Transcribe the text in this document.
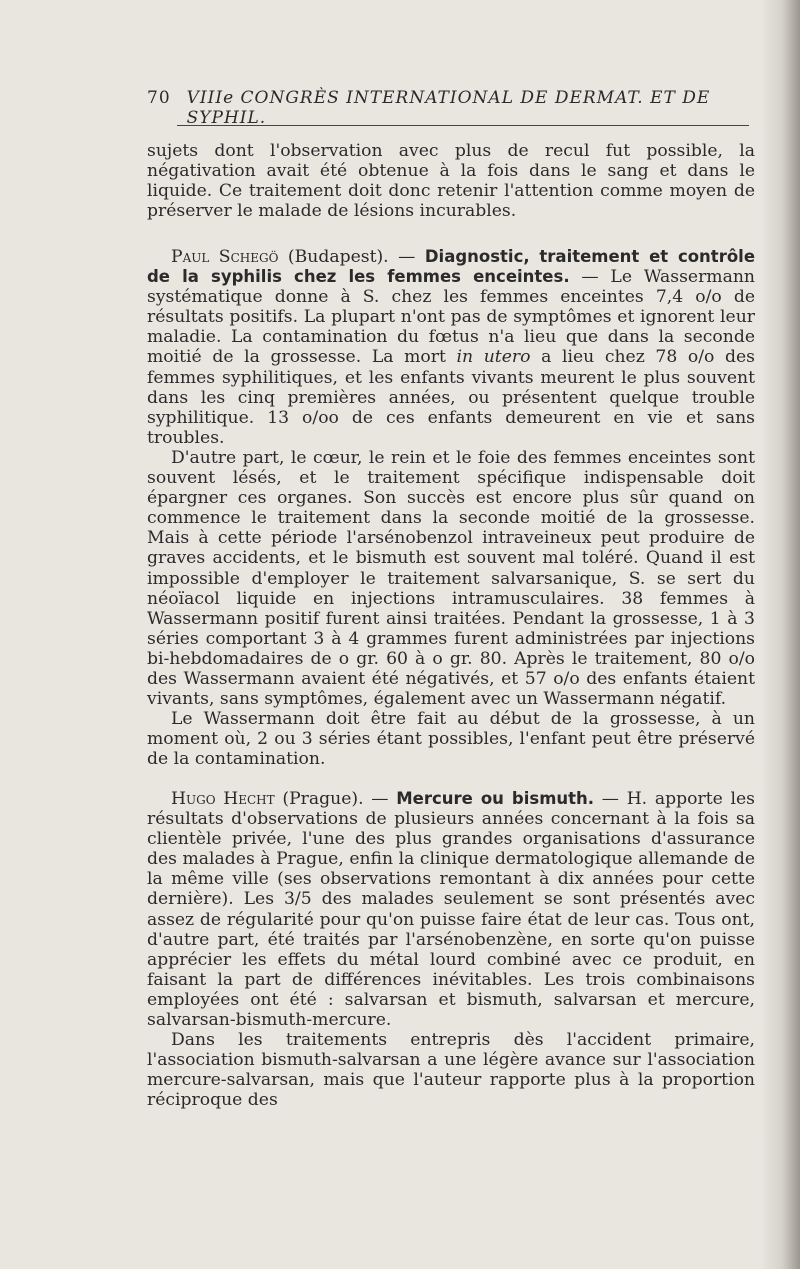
70 VIIIe CONGRÈS INTERNATIONAL DE DERMAT. ET DE SYPHIL.

sujets dont l'observation avec plus de recul fut possible, la négativation avait été obtenue à la fois dans le sang et dans le liquide. Ce traitement doit donc retenir l'attention comme moyen de préserver le malade de lésions incurables.

Paul Schegö (Budapest). — Diagnostic, traitement et contrôle de la syphilis chez les femmes enceintes. — Le Wassermann systématique donne à S. chez les femmes enceintes 7,4 o/o de résultats positifs. La plupart n'ont pas de symptômes et ignorent leur maladie. La contamination du fœtus n'a lieu que dans la seconde moitié de la grossesse. La mort in utero a lieu chez 78 o/o des femmes syphilitiques, et les enfants vivants meurent le plus souvent dans les cinq premières années, ou présentent quelque trouble syphilitique. 13 o/oo de ces enfants demeurent en vie et sans troubles.

D'autre part, le cœur, le rein et le foie des femmes enceintes sont souvent lésés, et le traitement spécifique indispensable doit épargner ces organes. Son succès est encore plus sûr quand on commence le traitement dans la seconde moitié de la grossesse. Mais à cette période l'arsénobenzol intraveineux peut produire de graves accidents, et le bismuth est souvent mal toléré. Quand il est impossible d'employer le traitement salvarsanique, S. se sert du néoïacol liquide en injections intramusculaires. 38 femmes à Wassermann positif furent ainsi traitées. Pendant la grossesse, 1 à 3 séries comportant 3 à 4 grammes furent administrées par injections bi-hebdomadaires de o gr. 60 à o gr. 80. Après le traitement, 80 o/o des Wassermann avaient été négativés, et 57 o/o des enfants étaient vivants, sans symptômes, également avec un Wassermann négatif.

Le Wassermann doit être fait au début de la grossesse, à un moment où, 2 ou 3 séries étant possibles, l'enfant peut être préservé de la contamination.

Hugo Hecht (Prague). — Mercure ou bismuth. — H. apporte les résultats d'observations de plusieurs années concernant à la fois sa clientèle privée, l'une des plus grandes organisations d'assurance des malades à Prague, enfin la clinique dermatologique allemande de la même ville (ses observations remontant à dix années pour cette dernière). Les 3/5 des malades seulement se sont présentés avec assez de régularité pour qu'on puisse faire état de leur cas. Tous ont, d'autre part, été traités par l'arsénobenzène, en sorte qu'on puisse apprécier les effets du métal lourd combiné avec ce produit, en faisant la part de différences inévitables. Les trois combinaisons employées ont été : salvarsan et bismuth, salvarsan et mercure, salvarsan-bismuth-mercure.

Dans les traitements entrepris dès l'accident primaire, l'association bismuth-salvarsan a une légère avance sur l'association mercure-salvarsan, mais que l'auteur rapporte plus à la proportion réciproque des
